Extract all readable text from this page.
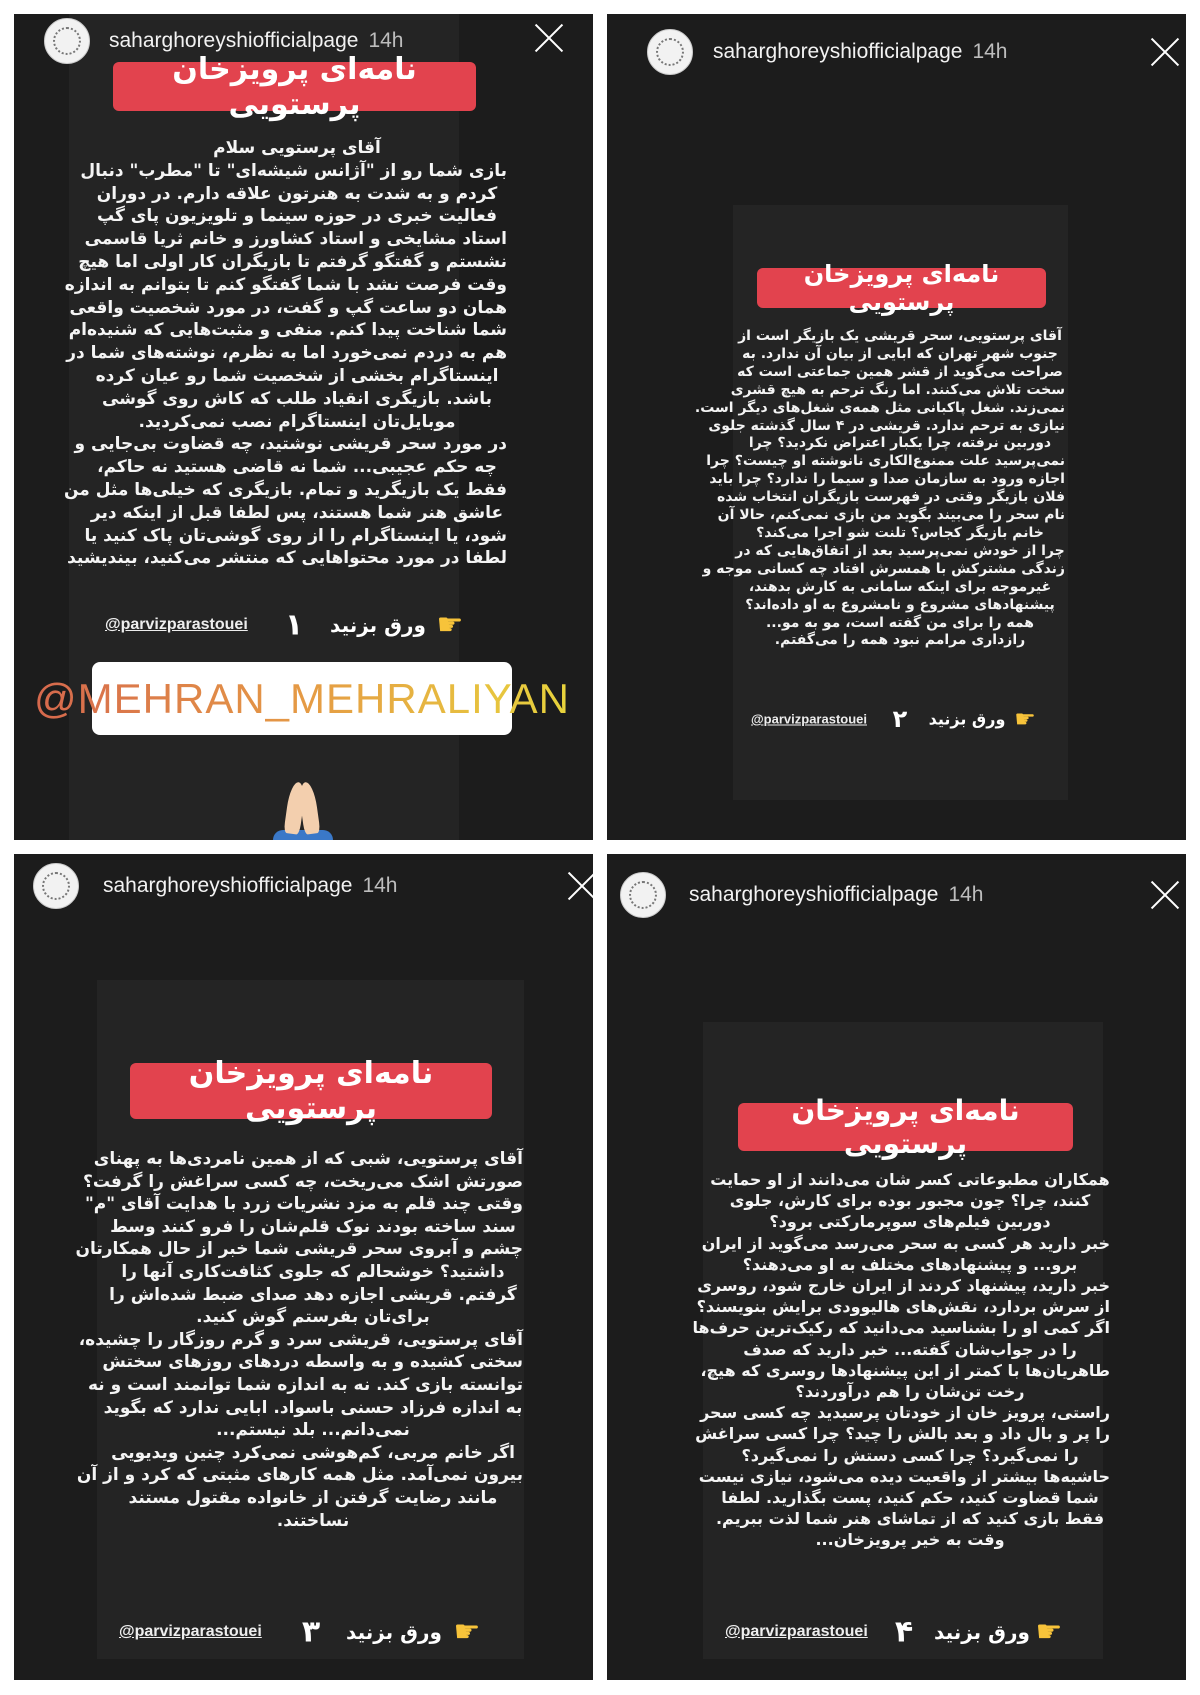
saharghoreyshiofficialpage 14h
نامه‌ای پرویزخان پرستویی
آقای پرستویی سلام
بازی شما رو از "آژانس شیشه‌ای" تا "مطرب" دنبال
کردم و به شدت به هنرتون علاقه دارم. در دوران
فعالیت خبری در حوزه سینما و تلویزیون پای گپ
استاد مشایخی و استاد کشاورز و خانم ثریا قاسمی
نشستم و گفتگو گرفتم تا بازیگران کار اولی اما هیچ
وقت فرصت نشد با شما گفتگو کنم تا بتوانم به اندازه
همان دو ساعت گپ و گفت، در مورد شخصیت واقعی
شما شناخت پیدا کنم. منفی و مثبت‌هایی که شنیده‌ام
هم به دردم نمی‌خورد اما به نظرم، نوشته‌های شما در
اینستاگرام بخشی از شخصیت شما رو عیان کرده
باشد. بازیگری انقیاد طلب که کاش روی گوشی
موبایل‌تان اینستاگرام نصب نمی‌کردید.
در مورد سحر قریشی نوشتید، چه قضاوت بی‌جایی و
چه حکم عجیبی... شما نه قاضی هستید نه حاکم،
فقط یک بازیگرید و تمام. بازیگری که خیلی‌ها مثل من
عاشق هنر شما هستند، پس لطفا قبل از اینکه دیر
شود، یا اینستاگرام را از روی گوشی‌تان پاک کنید یا
لطفا در مورد محتواهایی که منتشر می‌کنید، بیندیشید
@parvizparastouei ۱ ورق بزنید ☛
@MEHRAN_MEHRALIYAN
saharghoreyshiofficialpage 14h
نامه‌ای پرویزخان پرستویی
آقای پرستویی، سحر قریشی یک بازیگر است از
جنوب شهر تهران که ابایی از بیان آن ندارد. به
صراحت می‌گوید از قشر همین جماعتی است که
سخت تلاش می‌کنند. اما رنگ ترحم به هیچ قشری
نمی‌زند. شغل پاکبانی مثل همه‌ی شغل‌های دیگر است.
نیازی به ترحم ندارد. قریشی در ۴ سال گذشته جلوی
دوربین نرفته، چرا یکبار اعتراض نکردید؟ چرا
نمی‌پرسید علت ممنوع‌الکاری نانوشته او چیست؟ چرا
اجازه ورود به سازمان صدا و سیما را ندارد؟ چرا باید
فلان بازیگر وقتی در فهرست بازیگران انتخاب شده
نام سحر را می‌بیند بگوید من بازی نمی‌کنم، حالا آن
خانم بازیگر کجاس؟ تلنت شو اجرا می‌کند؟
چرا از خودش نمی‌پرسید بعد از اتفاق‌هایی که در
زندگی مشترکش با همسرش افتاد چه کسانی موجه و
غیرموجه برای اینکه سامانی به کارش بدهند،
پیشنهادهای مشروع و نامشروع به او داده‌اند؟
همه را برای من گفته است، مو به مو...
رازداری مرامم نبود همه را می‌گفتم.
@parvizparastouei ۲ ورق بزنید ☛
saharghoreyshiofficialpage 14h
نامه‌ای پرویزخان پرستویی
آقای پرستویی، شبی که از همین نامردی‌ها به پهنای
صورتش اشک می‌ریخت، چه کسی سراغش را گرفت؟
وقتی چند قلم به مزد نشریات زرد با هدایت آقای "م"
سند ساخته بودند نوک قلم‌شان را فرو کنند وسط
چشم و آبروی سحر قریشی شما خبر از حال همکارتان
داشتید؟ خوشحالم که جلوی کثافت‌کاری آنها را
گرفتم. قریشی اجازه دهد صدای ضبط شده‌اش را
برای‌تان بفرستم گوش کنید.
آقای پرستویی، قریشی سرد و گرم روزگار را چشیده،
سختی کشیده و به واسطه دردهای روزهای سختش
توانسته بازی کند. نه به اندازه شما توانمند است و نه
به اندازه فرزاد حسنی باسواد. ابایی ندارد که بگوید
نمی‌دانم... بلد نیستم...
اگر خانم مربی، کم‌هوشی نمی‌کرد چنین ویدیویی
بیرون نمی‌آمد. مثل همه کارهای مثبتی که کرد و از آن
مانند رضایت گرفتن از خانواده مقتول مستند
نساختند.
@parvizparastouei ۳ ورق بزنید ☛
saharghoreyshiofficialpage 14h
نامه‌ای پرویزخان پرستویی
همکاران مطبوعاتی کسر شان می‌دانند از او حمایت
کنند، چرا؟ چون مجبور بوده برای کارش، جلوی
دوربین فیلم‌های سوپرمارکتی برود؟
خبر دارید هر کسی به سحر می‌رسد می‌گوید از ایران
برو... و پیشنهادهای مختلف به او می‌دهند؟
خبر دارید، پیشنهاد کردند از ایران خارج شود، روسری
از سرش بردارد، نقش‌های هالیوودی برایش بنویسند؟
اگر کمی او را بشناسید می‌دانید که رکیک‌ترین حرف‌ها
را در جواب‌شان گفته... خبر دارید که صدف
طاهریان‌ها با کمتر از این پیشنهادها روسری که هیچ،
رخت تن‌شان را هم درآوردند؟
راستی، پرویز خان از خودتان پرسیدید چه کسی سحر
را پر و بال داد و بعد بالش را چید؟ چرا کسی سراغش
را نمی‌گیرد؟ چرا کسی دستش را نمی‌گیرد؟
حاشیه‌ها بیشتر از واقعیت دیده می‌شود، نیازی نیست
شما قضاوت کنید، حکم کنید، پست بگذارید. لطفا
فقط بازی کنید که از تماشای هنر شما لذت ببریم.
وقت به خیر پرویزخان...
@parvizparastouei ۴ ورق بزنید ☛
